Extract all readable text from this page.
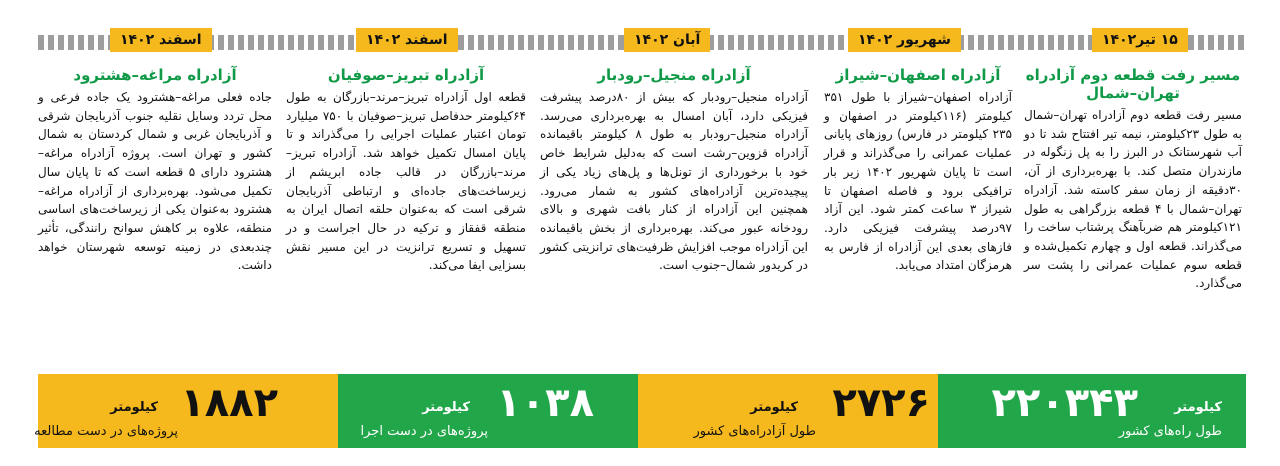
۱۵ تیر۱۴۰۲
شهریور ۱۴۰۲
آبان ۱۴۰۲
اسفند ۱۴۰۲
اسفند ۱۴۰۲
مسیر رفت قطعه دوم آزادراه تهران–شمال

مسیر رفت قطعه دوم آزادراه تهران–شمال به طول ۲۳کیلومتر، نیمه تیر افتتاح شد تا دو آب شهرستانک در البرز را به پل زنگوله در مازندران متصل کند. با بهره‌برداری از آن، ۳۰دقیقه از زمان سفر کاسته شد. آزادراه تهران–شمال با ۴ قطعه بزرگراهی به طول ۱۲۱کیلومتر هم ضربآهنگ پرشتاب ساخت را می‌گذراند. قطعه اول و چهارم تکمیل‌شده و قطعه سوم عملیات عمرانی را پشت سر می‌گذارد.

آزادراه اصفهان–شیراز

آزادراه اصفهان–شیراز با طول ۳۵۱ کیلومتر (۱۱۶کیلومتر در اصفهان و ۲۳۵ کیلومتر در فارس) روزهای پایانی عملیات عمرانی را می‌گذراند و قرار است تا پایان شهریور ۱۴۰۲ زیر بار ترافیکی برود و فاصله اصفهان تا شیراز ۳ ساعت کمتر شود. این آزاد ۹۷درصد پیشرفت فیزیکی دارد. فازهای بعدی این آزادراه از فارس به هرمزگان امتداد می‌یابد.

آزادراه منجیل–رودبار

آزادراه منجیل–رودبار که بیش از ۸۰درصد پیشرفت فیزیکی دارد، آبان امسال به بهره‌برداری می‌رسد. آزادراه منجیل–رودبار به طول ۸ کیلومتر باقیمانده آزادراه قزوین–رشت است که به‌دلیل شرایط خاص خود با برخورداری از تونل‌ها و پل‌های زیاد یکی از پیچیده‌ترین آزادراه‌های کشور به شمار می‌رود. همچنین این آزادراه از کنار بافت شهری و بالای رودخانه عبور می‌کند. بهره‌برداری از بخش باقیمانده این آزادراه موجب افزایش ظرفیت‌های ترانزیتی کشور در کریدور شمال–جنوب است.

آزادراه تبریز–صوفیان

قطعه اول آزادراه تبریز–مرند–بازرگان به طول ۶۴کیلومتر حدفاصل تبریز–صوفیان با ۷۵۰ میلیارد تومان اعتبار عملیات اجرایی را می‌گذراند و تا پایان امسال تکمیل خواهد شد. آزادراه تبریز–مرند–بازرگان در قالب جاده ابریشم از زیرساخت‌های جاده‌ای و ارتباطی آذربایجان شرقی است که به‌عنوان حلقه اتصال ایران به منطقه قفقاز و ترکیه در حال اجراست و در تسهیل و تسریع ترانزیت در این مسیر نقش بسزایی ایفا می‌کند.

آزادراه مراغه–هشترود

جاده فعلی مراغه–هشترود یک جاده فرعی و محل تردد وسایل نقلیه جنوب آذربایجان شرقی و آذربایجان غربی و شمال کردستان به شمال کشور و تهران است. پروژه آزادراه مراغه–هشترود دارای ۵ قطعه است که تا پایان سال تکمیل می‌شود. بهره‌برداری از آزادراه مراغه–هشترود به‌عنوان یکی از زیرساخت‌های اساسی منطقه، علاوه بر کاهش سوانح رانندگی، تأثیر چندبعدی در زمینه توسعه شهرستان خواهد داشت.

۲۲۰۳۴۳	کیلومتر
طول راه‌های کشور
۲۷۲۶
کیلومتر
طول آزادراه‌های کشور
۱۰۳۸
کیلومتر
پروژه‌های در دست اجرا
۱۸۸۲
کیلومتر
پروژه‌های در دست مطالعه
